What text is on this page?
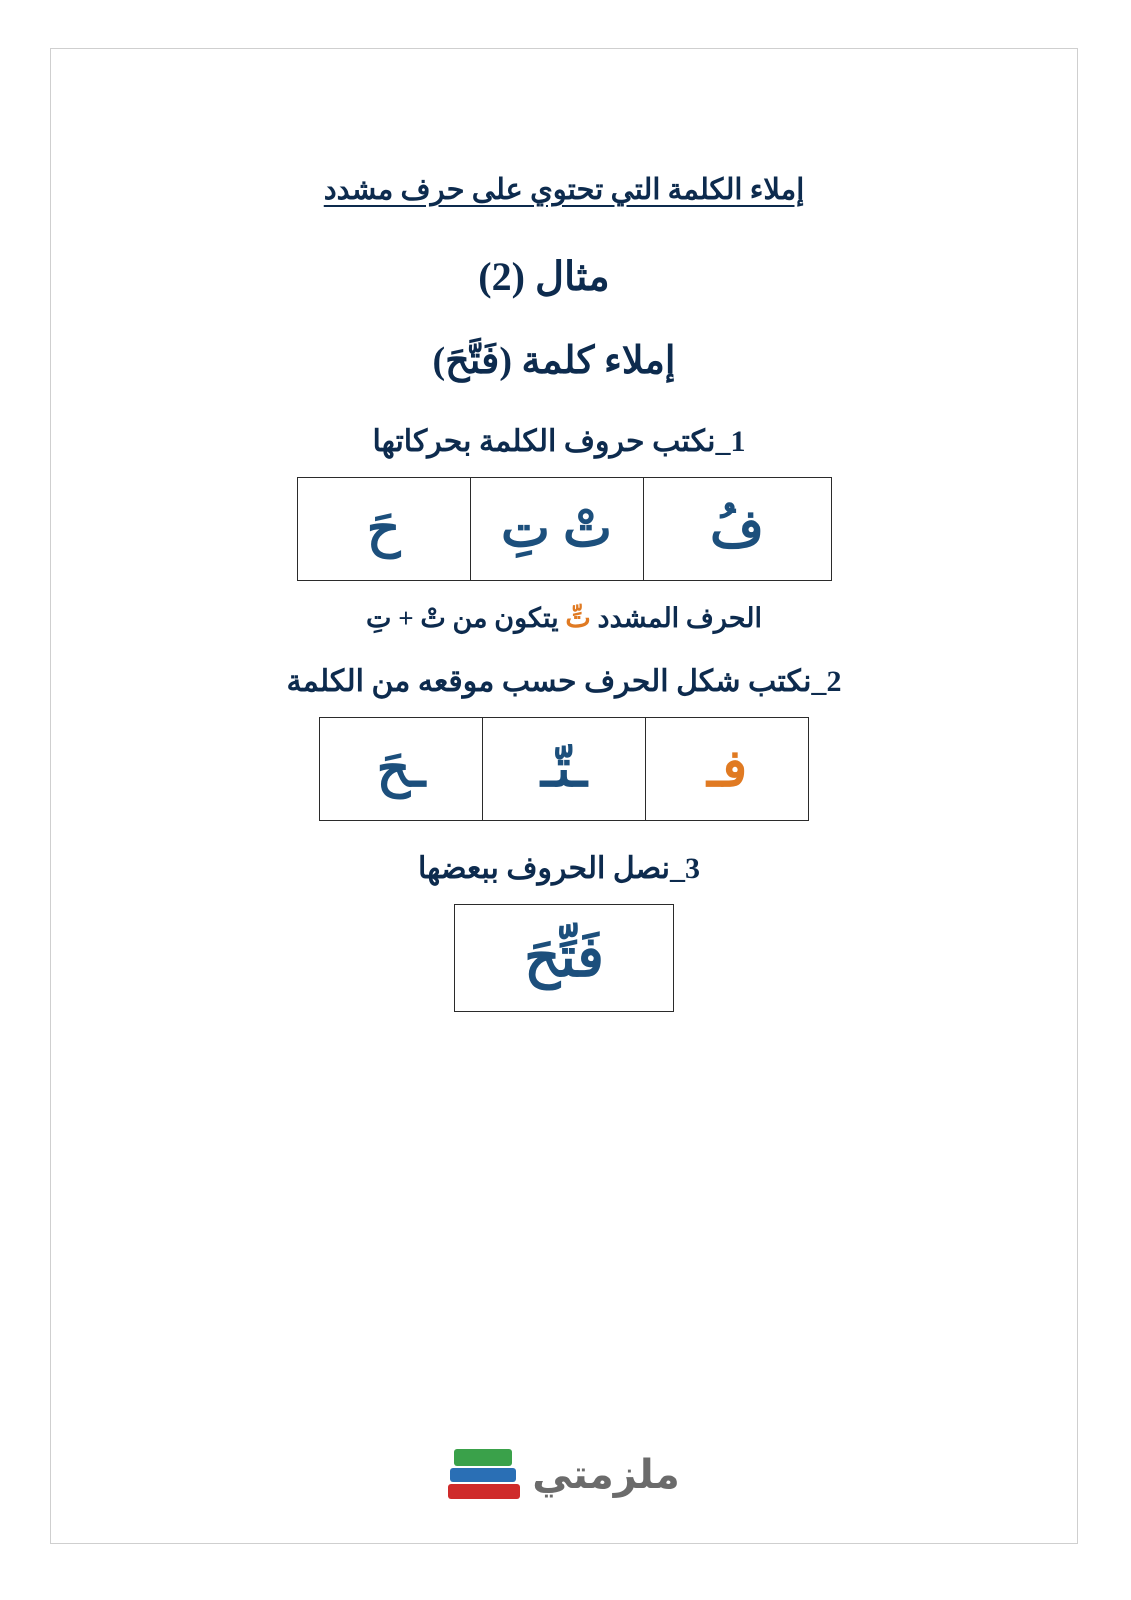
إملاء الكلمة التي تحتوي على حرف مشدد
مثال (2)
إملاء كلمة (فَتَّحَ)
1_نكتب حروف الكلمة بحركاتها
فُ	تْ تِ	حَ
الحرف المشدد تِّ يتكون من تْ + تِ
2_نكتب شكل الحرف حسب موقعه من الكلمة
فـ	ـتّـ	ـحَ
3_نصل الحروف ببعضها
فَتِّحَ
ملزمتي
